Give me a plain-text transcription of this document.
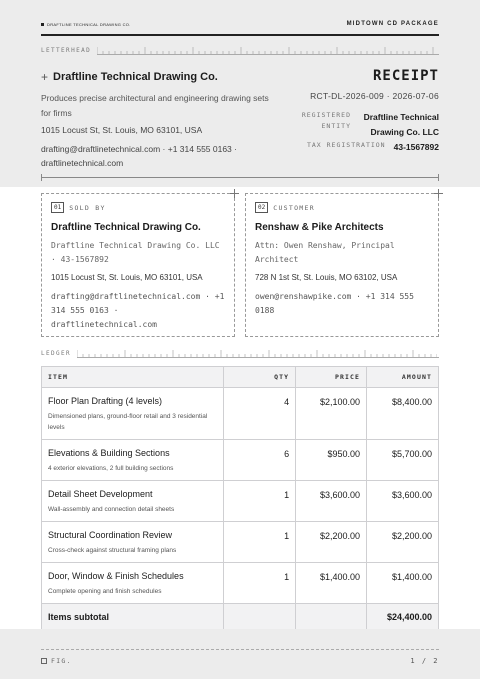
DRAFTLINE TECHNICAL DRAWING CO.	MIDTOWN CD PACKAGE
LETTERHEAD
+ Draftline Technical Drawing Co.
Produces precise architectural and engineering drawing sets for firms
1015 Locust St, St. Louis, MO 63101, USA
drafting@draftlinetechnical.com · +1 314 555 0163 · draftlinetechnical.com
RECEIPT
RCT-DL-2026-009 · 2026-07-06
REGISTERED ENTITY
Draftline Technical Drawing Co. LLC
TAX REGISTRATION 43-1567892
01	SOLD BY
Draftline Technical Drawing Co.
Draftline Technical Drawing Co. LLC · 43-1567892
1015 Locust St, St. Louis, MO 63101, USA
drafting@draftlinetechnical.com · +1 314 555 0163 · draftlinetechnical.com
02	CUSTOMER
Renshaw & Pike Architects
Attn: Owen Renshaw, Principal Architect
728 N 1st St, St. Louis, MO 63102, USA
owen@renshawpike.com · +1 314 555 0188
LEDGER
ITEM	QTY	PRICE	AMOUNT

Floor Plan Drafting (4 levels)
Dimensioned plans, ground-floor retail and 3 residential levels	4	$2,100.00	$8,400.00

Elevations & Building Sections
4 exterior elevations, 2 full building sections	6	$950.00	$5,700.00

Detail Sheet Development
Wall-assembly and connection detail sheets	1	$3,600.00	$3,600.00

Structural Coordination Review
Cross-check against structural framing plans	1	$2,200.00	$2,200.00

Door, Window & Finish Schedules
Complete opening and finish schedules	1	$1,400.00	$1,400.00
Items subtotal			$24,400.00
FIG.	1 / 2
